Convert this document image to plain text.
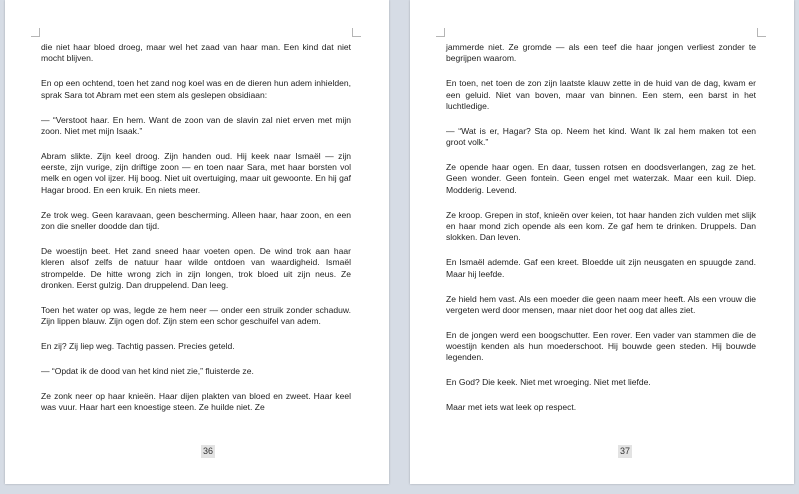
die niet haar bloed droeg, maar wel het zaad van haar man. Een kind dat niet mocht blijven.

En op een ochtend, toen het zand nog koel was en de dieren hun adem inhielden, sprak Sara tot Abram met een stem als geslepen obsidiaan:

— “Verstoot haar. En hem. Want de zoon van de slavin zal niet erven met mijn zoon. Niet met mijn Isaak.”

Abram slikte. Zijn keel droog. Zijn handen oud. Hij keek naar Ismaël — zijn eerste, zijn vurige, zijn driftige zoon — en toen naar Sara, met haar borsten vol melk en ogen vol ijzer. Hij boog. Niet uit overtuiging, maar uit gewoonte. En hij gaf Hagar brood. En een kruik. En niets meer.

Ze trok weg. Geen karavaan, geen bescherming. Alleen haar, haar zoon, en een zon die sneller doodde dan tijd.

De woestijn beet. Het zand sneed haar voeten open. De wind trok aan haar kleren alsof zelfs de natuur haar wilde ontdoen van waardigheid. Ismaël strompelde. De hitte wrong zich in zijn longen, trok bloed uit zijn neus. Ze dronken. Eerst gulzig. Dan druppelend. Dan leeg.

Toen het water op was, legde ze hem neer — onder een struik zonder schaduw. Zijn lippen blauw. Zijn ogen dof. Zijn stem een schor geschuifel van adem.

En zij? Zij liep weg. Tachtig passen. Precies geteld.

— “Opdat ik de dood van het kind niet zie,” fluisterde ze.

Ze zonk neer op haar knieën. Haar dijen plakten van bloed en zweet. Haar keel was vuur. Haar hart een knoestige steen. Ze huilde niet. Ze

36

jammerde niet. Ze gromde — als een teef die haar jongen verliest zonder te begrijpen waarom.

En toen, net toen de zon zijn laatste klauw zette in de huid van de dag, kwam er een geluid. Niet van boven, maar van binnen. Een stem, een barst in het luchtledige.

— “Wat is er, Hagar? Sta op. Neem het kind. Want Ik zal hem maken tot een groot volk.”

Ze opende haar ogen. En daar, tussen rotsen en doodsverlangen, zag ze het. Geen wonder. Geen fontein. Geen engel met waterzak. Maar een kuil. Diep. Modderig. Levend.

Ze kroop. Grepen in stof, knieën over keien, tot haar handen zich vulden met slijk en haar mond zich opende als een kom. Ze gaf hem te drinken. Druppels. Dan slokken. Dan leven.

En Ismaël ademde. Gaf een kreet. Bloedde uit zijn neusgaten en spuugde zand. Maar hij leefde.

Ze hield hem vast. Als een moeder die geen naam meer heeft. Als een vrouw die vergeten werd door mensen, maar niet door het oog dat alles ziet.

En de jongen werd een boogschutter. Een rover. Een vader van stammen die de woestijn kenden als hun moederschoot. Hij bouwde geen steden. Hij bouwde legenden.

En God? Die keek. Niet met wroeging. Niet met liefde.

Maar met iets wat leek op respect.

37
